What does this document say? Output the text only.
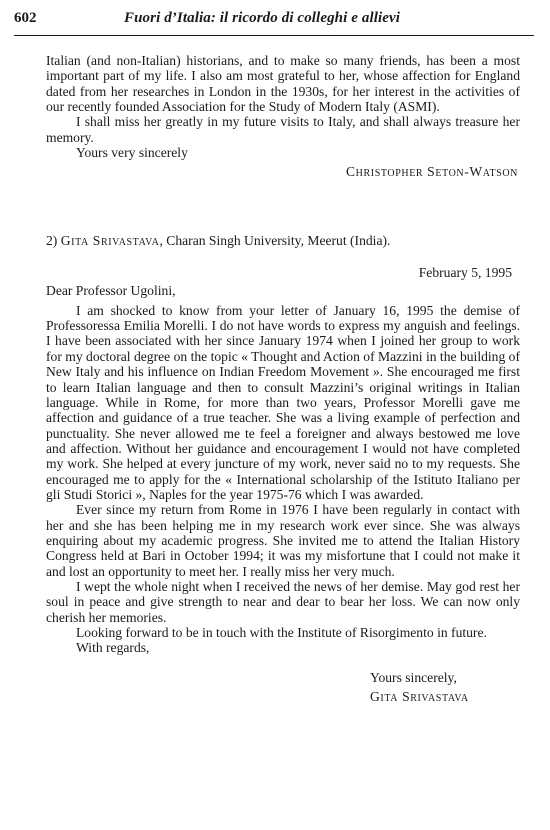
602	Fuori d’Italia: il ricordo di colleghi e allievi

Italian (and non-Italian) historians, and to make so many friends, has been a most important part of my life. I also am most grateful to her, whose affection for England dated from her researches in London in the 1930s, for her interest in the activities of our recently founded Association for the Study of Modern Italy (ASMI).

I shall miss her greatly in my future visits to Italy, and shall always treasure her memory.

Yours very sincerely

Christopher Seton-Watson

2) Gita Srivastava, Charan Singh University, Meerut (India).

February 5, 1995

Dear Professor Ugolini,

I am shocked to know from your letter of January 16, 1995 the demise of Professoressa Emilia Morelli. I do not have words to express my anguish and feelings. I have been associated with her since January 1974 when I joined her group to work for my doctoral degree on the topic « Thought and Action of Mazzini in the building of New Italy and his influence on Indian Freedom Movement ». She encouraged me first to learn Italian language and then to consult Mazzini’s original writings in Italian language. While in Rome, for more than two years, Professor Morelli gave me affection and guidance of a true teacher. She was a living example of perfection and punctuality. She never allowed me te feel a foreigner and always bestowed me love and affection. Without her guidance and encouragement I would not have completed my work. She helped at every juncture of my work, never said no to my requests. She encouraged me to apply for the « International scholarship of the Istituto Italiano per gli Studi Storici », Naples for the year 1975-76 which I was awarded.

Ever since my return from Rome in 1976 I have been regularly in contact with her and she has been helping me in my research work ever since. She was always enquiring about my academic progress. She invited me to attend the Italian History Congress held at Bari in October 1994; it was my misfortune that I could not make it and lost an opportunity to meet her. I really miss her very much.

I wept the whole night when I received the news of her demise. May god rest her soul in peace and give strength to near and dear to bear her loss. We can now only cherish her memories.

Looking forward to be in touch with the Institute of Risorgimento in future.

With regards,

Yours sincerely,
Gita Srivastava
